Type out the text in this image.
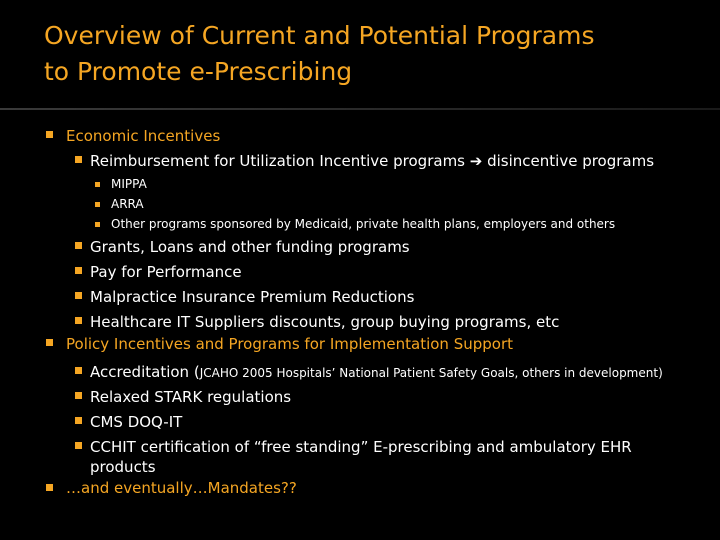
Overview of Current and Potential Programs
to Promote e-Prescribing
Economic Incentives
Reimbursement for Utilization Incentive programs ➔ disincentive programs
MIPPA
ARRA
Other programs sponsored by Medicaid, private health plans, employers and others
Grants, Loans and other funding programs
Pay for Performance
Malpractice Insurance Premium Reductions
Healthcare IT Suppliers discounts, group buying programs, etc
Policy Incentives and Programs for Implementation Support
Accreditation (JCAHO 2005 Hospitals’ National Patient Safety Goals, others in development)
Relaxed STARK regulations
CMS DOQ-IT
CCHIT certification of “free standing” E-prescribing and ambulatory EHR
products
…and eventually…Mandates??
